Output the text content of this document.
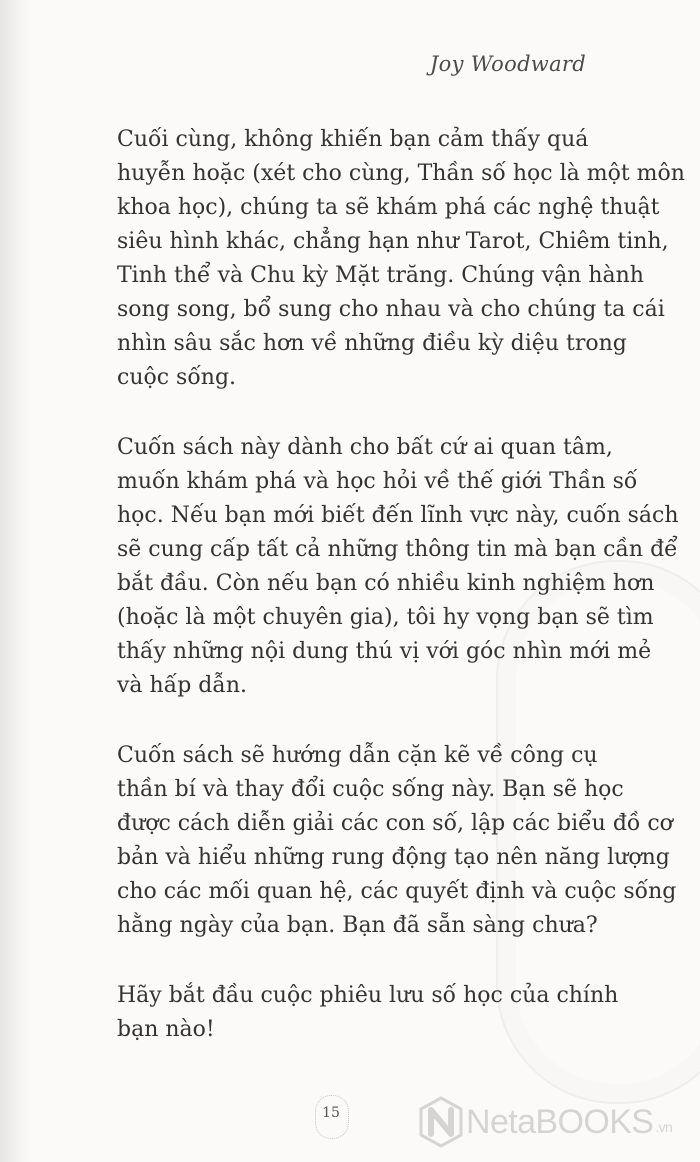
Joy Woodward

Cuối cùng, không khiến bạn cảm thấy quá
huyễn hoặc (xét cho cùng, Thần số học là một môn
khoa học), chúng ta sẽ khám phá các nghệ thuật
siêu hình khác, chẳng hạn như Tarot, Chiêm tinh,
Tinh thể và Chu kỳ Mặt trăng. Chúng vận hành
song song, bổ sung cho nhau và cho chúng ta cái
nhìn sâu sắc hơn về những điều kỳ diệu trong
cuộc sống.

Cuốn sách này dành cho bất cứ ai quan tâm,
muốn khám phá và học hỏi về thế giới Thần số
học. Nếu bạn mới biết đến lĩnh vực này, cuốn sách
sẽ cung cấp tất cả những thông tin mà bạn cần để
bắt đầu. Còn nếu bạn có nhiều kinh nghiệm hơn
(hoặc là một chuyên gia), tôi hy vọng bạn sẽ tìm
thấy những nội dung thú vị với góc nhìn mới mẻ
và hấp dẫn.

Cuốn sách sẽ hướng dẫn cặn kẽ về công cụ
thần bí và thay đổi cuộc sống này. Bạn sẽ học
được cách diễn giải các con số, lập các biểu đồ cơ
bản và hiểu những rung động tạo nên năng lượng
cho các mối quan hệ, các quyết định và cuộc sống
hằng ngày của bạn. Bạn đã sẵn sàng chưa?

Hãy bắt đầu cuộc phiêu lưu số học của chính
bạn nào!

15	NetaBOOKS .vn
